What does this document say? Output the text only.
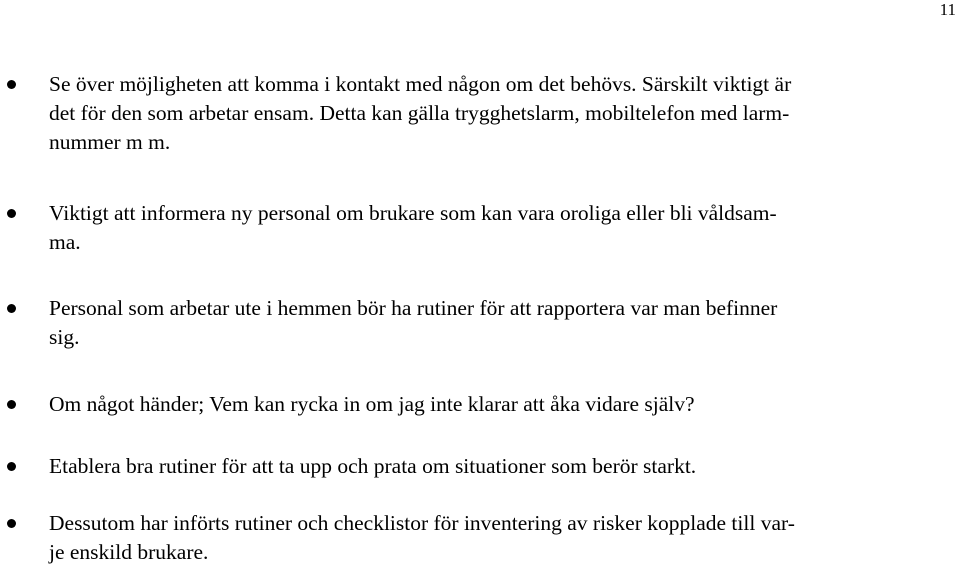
11

Se över möjligheten att komma i kontakt med någon om det behövs. Särskilt viktigt är
det för den som arbetar ensam. Detta kan gälla trygghetslarm, mobiltelefon med larm-
nummer m m.

Viktigt att informera ny personal om brukare som kan vara oroliga eller bli våldsam-
ma.

Personal som arbetar ute i hemmen bör ha rutiner för att rapportera var man befinner
sig.

Om något händer; Vem kan rycka in om jag inte klarar att åka vidare själv?

Etablera bra rutiner för att ta upp och prata om situationer som berör starkt.

Dessutom har införts rutiner och checklistor för inventering av risker kopplade till var-
je enskild brukare.
